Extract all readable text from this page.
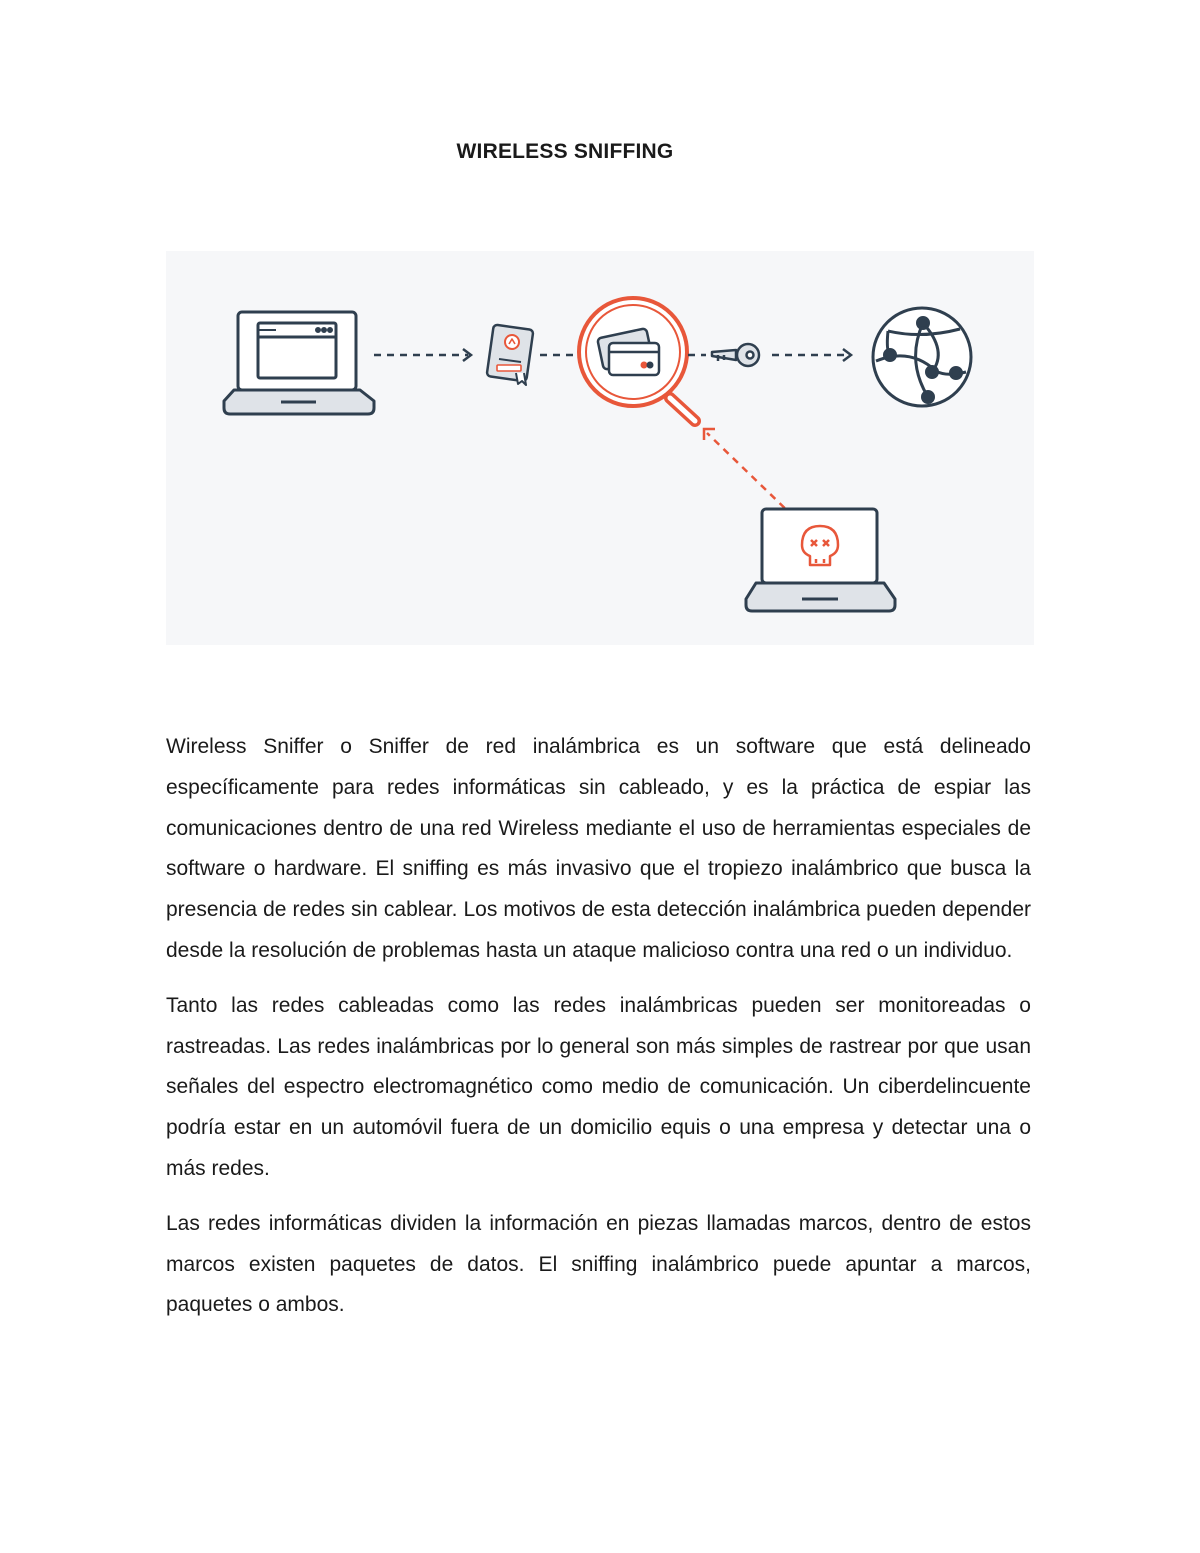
WIRELESS SNIFFING

Wireless Sniffer o Sniffer de red inalámbrica es un software que está delineado específicamente para redes informáticas sin cableado, y es la práctica de espiar las comunicaciones dentro de una red Wireless mediante el uso de herramientas especiales de software o hardware. El sniffing es más invasivo que el tropiezo inalámbrico que busca la presencia de redes sin cablear. Los motivos de esta detección inalámbrica pueden depender desde la resolución de problemas hasta un ataque malicioso contra una red o un individuo.

Tanto las redes cableadas como las redes inalámbricas pueden ser monitoreadas o rastreadas. Las redes inalámbricas por lo general son más simples de rastrear por que usan señales del espectro electromagnético como medio de comunicación. Un ciberdelincuente podría estar en un automóvil fuera de un domicilio equis o una empresa y detectar una o más redes.

Las redes informáticas dividen la información en piezas llamadas marcos, dentro de estos marcos existen paquetes de datos. El sniffing inalámbrico puede apuntar a marcos, paquetes o ambos.
